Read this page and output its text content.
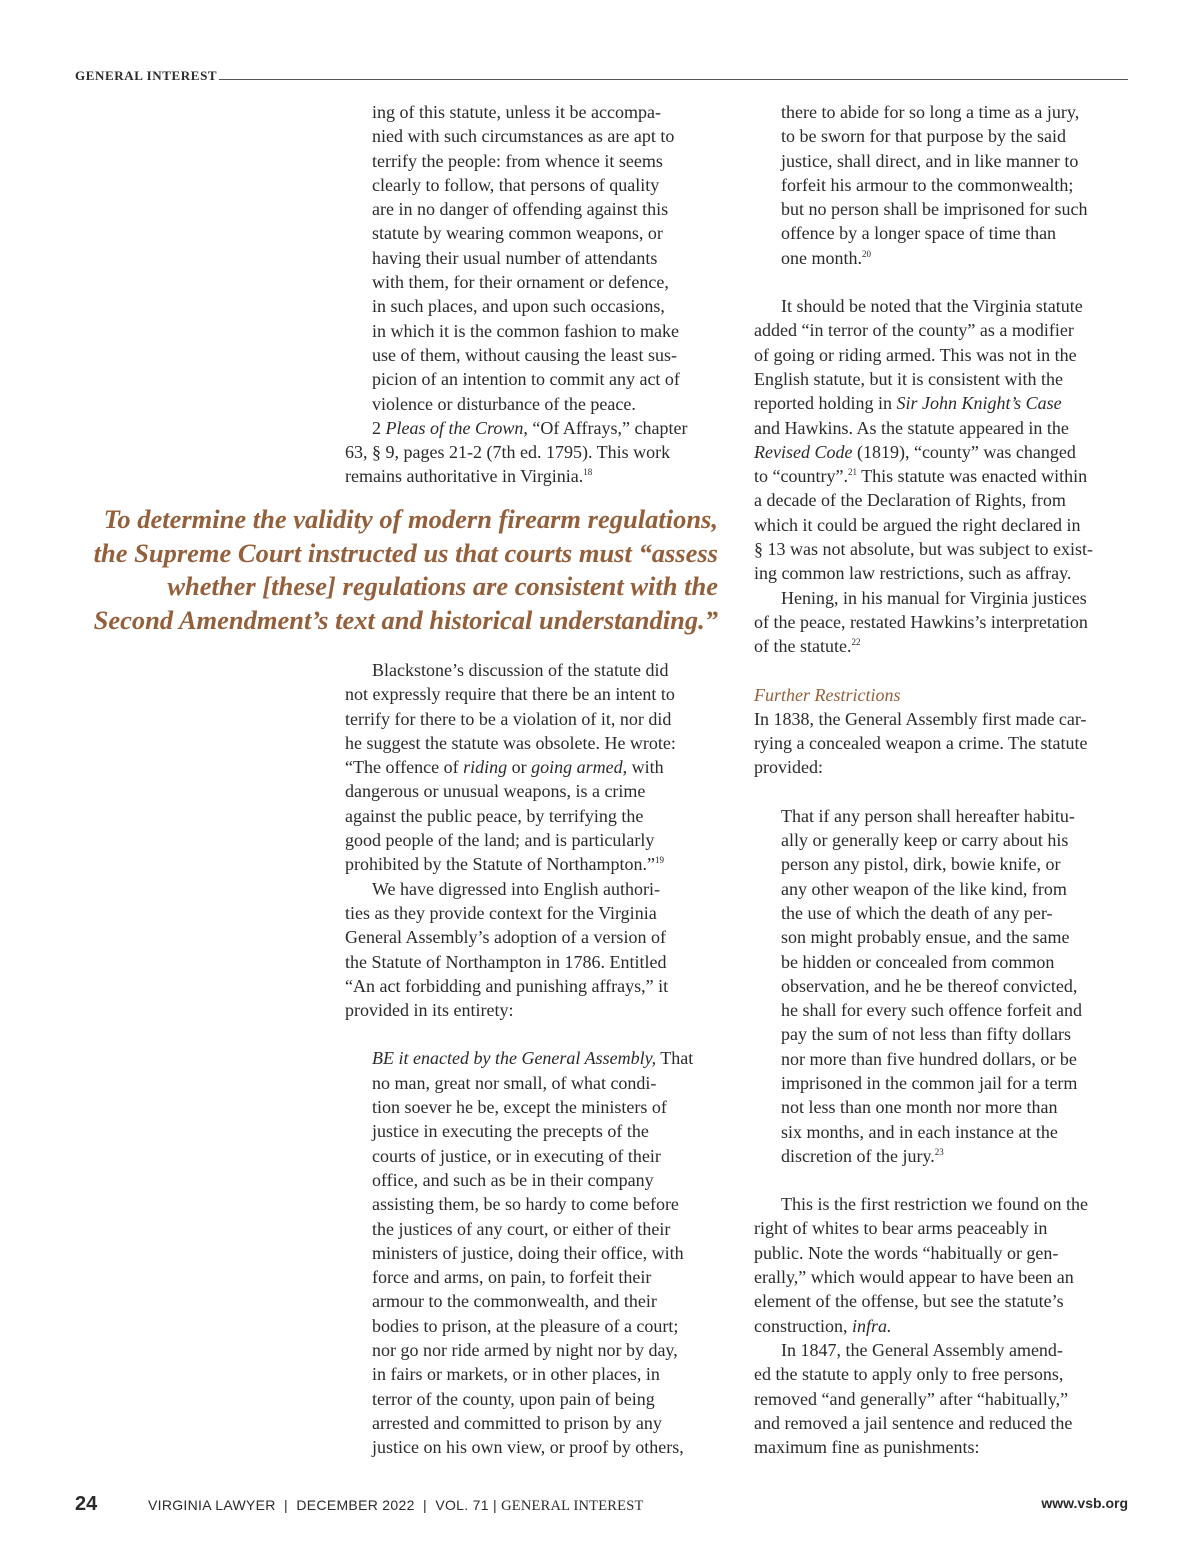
GENERAL INTEREST

ing of this statute, unless it be accompa-

nied with such circumstances as are apt to

terrify the people: from whence it seems

clearly to follow, that persons of quality

are in no danger of offending against this

statute by wearing common weapons, or

having their usual number of attendants

with them, for their ornament or defence,

in such places, and upon such occasions,

in which it is the common fashion to make

use of them, without causing the least sus-

picion of an intention to commit any act of

violence or disturbance of the peace.

2 Pleas of the Crown, “Of Affrays,” chapter

63, § 9, pages 21-2 (7th ed. 1795). This work

remains authoritative in Virginia.$^{18}$

To determine the validity of modern firearm regulations,
the Supreme Court instructed us that courts must “assess
whether [these] regulations are consistent with the
Second Amendment’s text and historical understanding.”

Blackstone’s discussion of the statute did

not expressly require that there be an intent to

terrify for there to be a violation of it, nor did

he suggest the statute was obsolete. He wrote:

“The offence of riding or going armed, with

dangerous or unusual weapons, is a crime

against the public peace, by terrifying the

good people of the land; and is particularly

prohibited by the Statute of Northampton.”$^{19}$

We have digressed into English authori-

ties as they provide context for the Virginia

General Assembly’s adoption of a version of

the Statute of Northampton in 1786. Entitled

“An act forbidding and punishing affrays,” it

provided in its entirety:

BE it enacted by the General Assembly, That

no man, great nor small, of what condi-

tion soever he be, except the ministers of

justice in executing the precepts of the

courts of justice, or in executing of their

office, and such as be in their company

assisting them, be so hardy to come before

the justices of any court, or either of their

ministers of justice, doing their office, with

force and arms, on pain, to forfeit their

armour to the commonwealth, and their

bodies to prison, at the pleasure of a court;

nor go nor ride armed by night nor by day,

in fairs or markets, or in other places, in

terror of the county, upon pain of being

arrested and committed to prison by any

justice on his own view, or proof by others,

there to abide for so long a time as a jury,

to be sworn for that purpose by the said

justice, shall direct, and in like manner to

forfeit his armour to the commonwealth;

but no person shall be imprisoned for such

offence by a longer space of time than

one month.$^{20}$

It should be noted that the Virginia statute

added “in terror of the county” as a modifier

of going or riding armed. This was not in the

English statute, but it is consistent with the

reported holding in Sir John Knight’s Case

and Hawkins. As the statute appeared in the

Revised Code (1819), “county” was changed

to “country”.$^{21}$ This statute was enacted within

a decade of the Declaration of Rights, from

which it could be argued the right declared in

§ 13 was not absolute, but was subject to exist-

ing common law restrictions, such as affray.

Hening, in his manual for Virginia justices

of the peace, restated Hawkins’s interpretation

of the statute.$^{22}$

Further Restrictions

In 1838, the General Assembly first made car-

rying a concealed weapon a crime. The statute

provided:

That if any person shall hereafter habitu-

ally or generally keep or carry about his

person any pistol, dirk, bowie knife, or

any other weapon of the like kind, from

the use of which the death of any per-

son might probably ensue, and the same

be hidden or concealed from common

observation, and he be thereof convicted,

he shall for every such offence forfeit and

pay the sum of not less than fifty dollars

nor more than five hundred dollars, or be

imprisoned in the common jail for a term

not less than one month nor more than

six months, and in each instance at the

discretion of the jury.$^{23}$

This is the first restriction we found on the

right of whites to bear arms peaceably in

public. Note the words “habitually or gen-

erally,” which would appear to have been an

element of the offense, but see the statute’s

construction, infra.

In 1847, the General Assembly amend-

ed the statute to apply only to free persons,

removed “and generally” after “habitually,”

and removed a jail sentence and reduced the

maximum fine as punishments:

24	VIRGINIA LAWYER  |  DECEMBER 2022  |  VOL. 71 | GENERAL INTEREST	www.vsb.org
